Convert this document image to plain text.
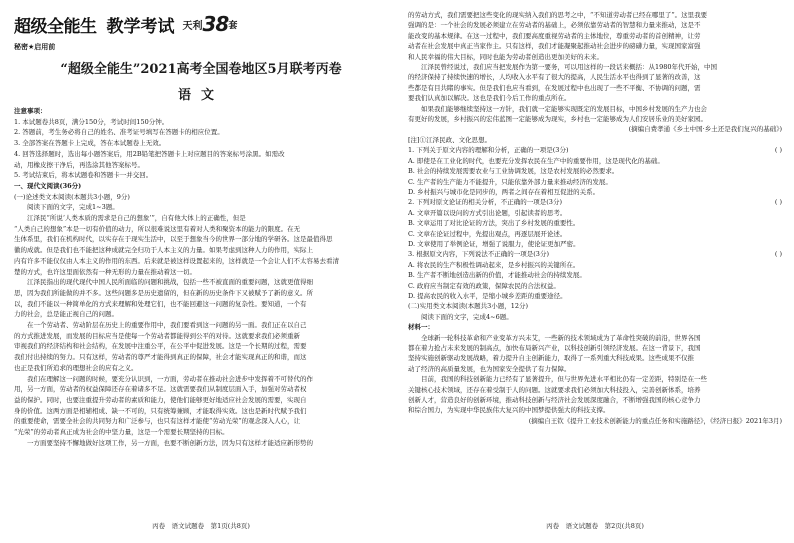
超级全能生 教学考试 天利 38 套
秘密★启用前
“超级全能生”2021高考全国卷地区5月联考丙卷
语文

注意事项：

1. 本试题卷共8页，满分150分，考试时间150分钟。

2. 答题前，考生务必将自己的姓名、准考证号填写在答题卡的相应位置。

3. 全部答案在答题卡上完成，答在本试题卷上无效。

4. 回答选择题时，选出每小题答案后，用2B铅笔把答题卡上对应题目的答案标号涂黑。如需改

动，用橡皮擦干净后，再选涂其他答案标号。

5. 考试结束后，将本试题卷和答题卡一并交回。

一、现代文阅读(36分)

(一)论述类文本阅读(本题共3小题，9分)

阅读下面的文字，完成1~3题。

江泽民“所说‘人类本质的需求是自己的想象’”，自有他大体上的正确性，但是

“人类自己的想象”本是一切有价值的动力，所以很难说这里有着对人类和聚资本的能力的限度。在无

生体系里，我们在机构时代，以实存在于现实生活中，以至于想象当今的世界一部分地的学研各。这是最值得思

徽的成就。但是我们也不能把这种成就完全归功于人本主义的力量。如果考虑到这种人力的作用，实际上

内有许多不能仅仅由人本主义的作用的东西。后来就是被这样设置起来的，这样就是一个会让人们不太容易去看清

楚的方式，也许这里面依然有一种无形的力量在推动着这一切。

江泽民指出的现代现代中国人民所面临的问题和挑战，包括一些不被直面的重要问题，这就更值得细

思，因为我们所能做的并不多。这些问题多是历史遗留的，但在新的历史条件下又被赋予了新的意义。所

以，我们不能以一种简单化的方式来理解和处理它们，也不能回避这一问题的复杂性。要知道，一个有

力的社会，总是能正视自己的问题。

在一个劳动者、劳动阶层在历史上的重要作用中，我们要看到这一问题的另一面。我们正在以自己

的方式推进发展，而发展的目标应当是使每一个劳动者都能得到公平的对待。这就要求我们必须重新

审视我们的经济结构和社会结构，在发展中注重公平，在公平中促进发展。这是一个长期的过程，需要

我们付出持续的努力。只有这样，劳动者的尊严才能得到真正的保障，社会才能实现真正的和谐，而这

也正是我们所追求的理想社会的应有之义。

我们在理解这一问题的时候，要充分认识到，一方面，劳动者在推动社会进步中发挥着不可替代的作

用，另一方面，劳动者的权益保障还存在着诸多不足。这就需要我们从制度层面入手，加强对劳动者权

益的保护。同时，也要注重提升劳动者的素质和能力，使他们能够更好地适应社会发展的需要，实现自

身的价值。这两方面是相辅相成、缺一不可的，只有统筹兼顾，才能取得实效。这也是新时代赋予我们

的重要使命，需要全社会的共同努力和广泛参与，也只有这样才能使“劳动光荣”的观念深入人心，让

“光荣”的劳动者真正成为社会的中坚力量，这是一个需要长期坚持的目标。

一方面要坚持不懈地做好这项工作，另一方面，也要不断创新方法，因为只有这样才能适应新形势的

丙卷　语文试题卷　第1页(共8页)

的劳动方式，我们需要把这些变化的现实纳入我们的思考之中，“不知道劳动者已经在哪里了”。这里我要

强调的是：一个社会的发展必须建立在劳动者的基础上，必须依靠劳动者的智慧和力量来推动，这是不

能改变的基本规律。在这一过程中，我们要高度重视劳动者的主体地位，尊重劳动者的首创精神，让劳

动者在社会发展中真正当家作主。只有这样，我们才能凝聚起推动社会进步的磅礴力量，实现国家富强

和人民幸福的伟大目标，同时也能为劳动者创造出更加美好的未来。

江泽民曾经说过，我们应当把发展作为第一要务，可以用这样的一段话来概括：从1980年代开始，中国

的经济保持了持续快速的增长，人均收入水平有了很大的提高，人民生活水平也得到了显著的改善，这

些都是有目共睹的事实。但是我们也应当看到，在发展过程中也出现了一些不平衡、不协调的问题，需

要我们认真加以解决。这也是我们今后工作的重点所在。

如果我们能够继续坚持这一方针，我们就一定能够实现既定的发展目标，中国乡村发展的生产力也会

有更好的发展，乡村振兴的宏伟蓝图一定能够成为现实，乡村也一定能够成为人们安居乐业的美好家园。

(摘编自费孝通《乡土中国·乡土还是我们复兴的基础》)

[注]①江泽民政、文化思想。

1. 下列关于原文内容的理解和分析，正确的一项是(3分)	( )

A. 即使是在工业化的时代，也要充分发挥农民在生产中的重要作用，这是现代化的基础。

B. 社会的持续发展需要农业与工业协调发展，这是农村发展的必然要求。

C. 生产者的生产能力不能提升，只能依靠外部力量来推动经济的发展。

D. 乡村振兴与城市化是同步的，两者之间存在着相互促进的关系。

2. 下列对原文论证的相关分析，不正确的一项是(3分)	( )

A. 文章开篇以设问的方式引出论题，引起读者的思考。

B. 文章运用了对比论证的方法，突出了乡村发展的重要性。

C. 文章在论证过程中，先提出观点，再逐层展开论述。

D. 文章使用了举例论证，增强了说服力，使论证更加严密。

3. 根据原文内容，下列说法不正确的一项是(3分)	( )

A. 将农民的生产积极性调动起来，是乡村振兴的关键所在。

B. 生产者不断地创造出新的价值，才能推动社会的持续发展。

C. 政府应当制定有效的政策，保障农民的合法权益。

D. 提高农民的收入水平，是缩小城乡差距的重要途径。

(二)实用类文本阅读(本题共3小题，12分)

阅读下面的文字，完成4~6题。

材料一：

全球新一轮科技革命和产业变革方兴未艾，一些新的技术领域成为了革命性突破的前沿，世界各国

都在着力抢占未来发展的制高点，加快布局新兴产业，以科技创新引领经济发展。在这一背景下，我国

坚持实施创新驱动发展战略，着力提升自主创新能力，取得了一系列重大科技成果。这些成果不仅推

动了经济的高质量发展，也为国家安全提供了有力保障。

目前，我国的科技创新能力已经有了显著提升，但与世界先进水平相比仍有一定差距，特别是在一些

关键核心技术领域，还存在着受制于人的问题。这就要求我们必须加大科技投入，完善创新体系，培养

创新人才，营造良好的创新环境，推动科技创新与经济社会发展深度融合，不断增强我国的核心竞争力

和综合国力，为实现中华民族伟大复兴的中国梦提供强大的科技支撑。

(摘编自王钦《提升工业技术创新能力的重点任务和实施路径》，《经济日报》2021年3月)

丙卷　语文试题卷　第2页(共8页)
